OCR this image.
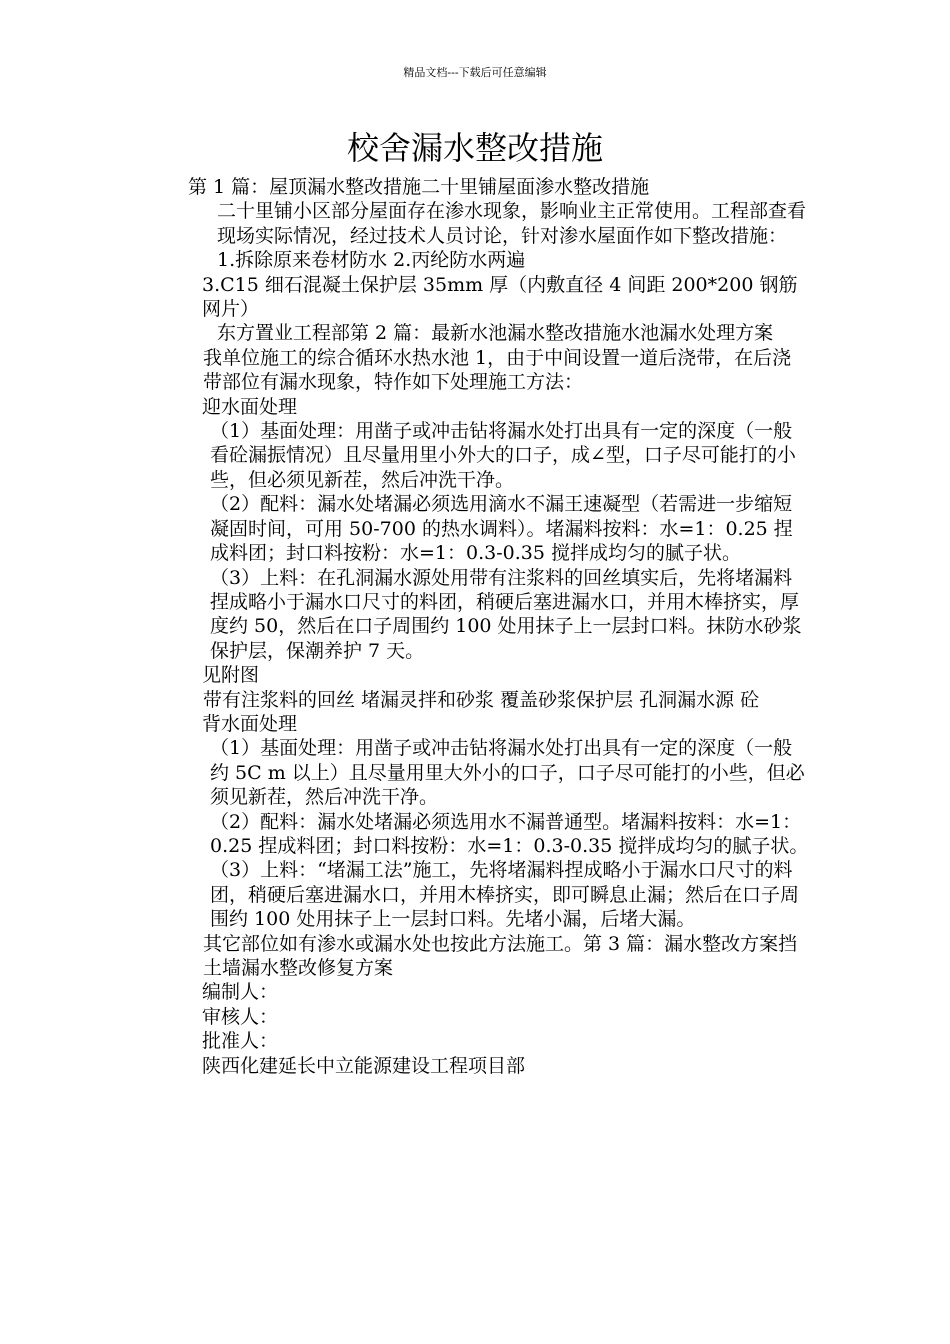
精品文档---下载后可任意编辑
校舍漏水整改措施

第 1 篇：屋顶漏水整改措施二十里铺屋面渗水整改措施

二十里铺小区部分屋面存在渗水现象，影响业主正常使用。工程部查看现场实际情况，经过技术人员讨论，针对渗水屋面作如下整改措施：  1.拆除原来卷材防水 2.丙纶防水两遍

3.C15 细石混凝土保护层 35mm 厚（内敷直径 4 间距 200*200 钢筋网片）

东方置业工程部第 2 篇：最新水池漏水整改措施水池漏水处理方案

我单位施工的综合循环水热水池 1，由于中间设置一道后浇带，在后浇带部位有漏水现象，特作如下处理施工方法：

迎水面处理

（1）基面处理：用凿子或冲击钻将漏水处打出具有一定的深度（一般看砼漏振情况）且尽量用里小外大的口子，成∠型，口子尽可能打的小些，但必须见新茬，然后冲洗干净。

（2）配料：漏水处堵漏必须选用滴水不漏王速凝型（若需进一步缩短凝固时间，可用 50-700 的热水调料）。堵漏料按料：水=1：0.25 捏成料团；封口料按粉：水=1：0.3-0.35 搅拌成均匀的腻子状。

（3）上料：在孔洞漏水源处用带有注浆料的回丝填实后，先将堵漏料捏成略小于漏水口尺寸的料团，稍硬后塞进漏水口，并用木棒挤实，厚度约 50，然后在口子周围约 100 处用抹子上一层封口料。抹防水砂浆保护层，保潮养护 7 天。

见附图

带有注浆料的回丝 堵漏灵拌和砂浆 覆盖砂浆保护层 孔洞漏水源 砼

背水面处理

（1）基面处理：用凿子或冲击钻将漏水处打出具有一定的深度（一般约 5C m 以上）且尽量用里大外小的口子，口子尽可能打的小些，但必须见新茬，然后冲洗干净。

（2）配料：漏水处堵漏必须选用水不漏普通型。堵漏料按料：水=1：0.25 捏成料团；封口料按粉：水=1：0.3-0.35 搅拌成均匀的腻子状。

（3）上料：“堵漏工法”施工，先将堵漏料捏成略小于漏水口尺寸的料团，稍硬后塞进漏水口，并用木棒挤实，即可瞬息止漏；然后在口子周围约 100 处用抹子上一层封口料。先堵小漏，后堵大漏。

其它部位如有渗水或漏水处也按此方法施工。第 3 篇：漏水整改方案挡土墙漏水整改修复方案

编制人：

审核人：

批准人：

陕西化建延长中立能源建设工程项目部
